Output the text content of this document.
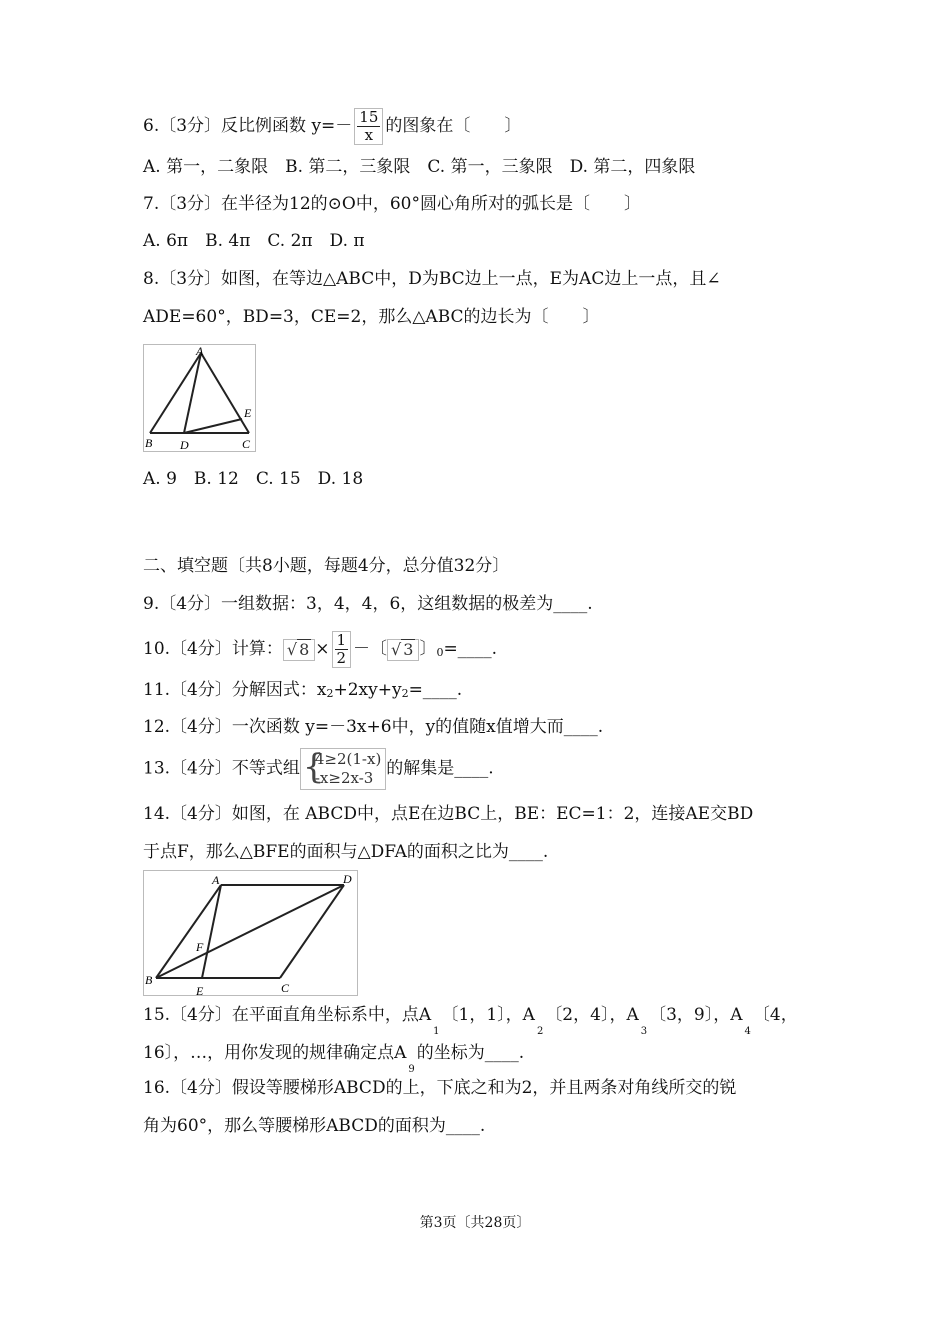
6.〔3分〕反比例函数 $y=- \frac{15}{x}$ 的图象在〔　　〕
A. 第一，二象限　B. 第二，三象限　C. 第一，三象限　D. 第二，四象限
7.〔3分〕在半径为12的⊙O中，60°圆心角所对的弧长是〔　　〕
A. 6π　B. 4π　C. 2π　D. π
8.〔3分〕如图，在等边△ABC中，D为BC边上一点，E为AC边上一点，且∠
ADE=60°，BD=3，CE=2，那么△ABC的边长为〔　　〕
A
B D	C
E
A. 9　B. 12　C. 15　D. 18
二、填空题〔共8小题，每题4分，总分值32分〕
9.〔4分〕一组数据：3，4，4，6，这组数据的极差为____.
10.〔4分〕计算： √ $8 \times \frac{1}{2}$ －〔 √ 3 〕0=____.
11.〔4分〕分解因式：x2+2xy+y2=____.
12.〔4分〕一次函数 y=－3x+6中，y的值随x值增大而____.
13.〔4分〕不等式组 {
4≥2(1-x)
-x≥2x-3 的解集是____.
14.〔4分〕如图，在 ABCD中，点E在边BC上，BE：EC=1：2，连接AE交BD
于点F，那么△BFE的面积与△DFA的面积之比为____.
A	D
B
C
E
F
15.〔4分〕在平面直角坐标系中，点$A_1$〔1，1〕，$A_2$〔2，4〕，$A_3$〔3，9〕，$A_4$〔4，
16〕，…，用你发现的规律确定点$A_9$的坐标为____.
16.〔4分〕假设等腰梯形ABCD的上，下底之和为2，并且两条对角线所交的锐
角为60°，那么等腰梯形ABCD的面积为____.
第3页〔共28页〕
